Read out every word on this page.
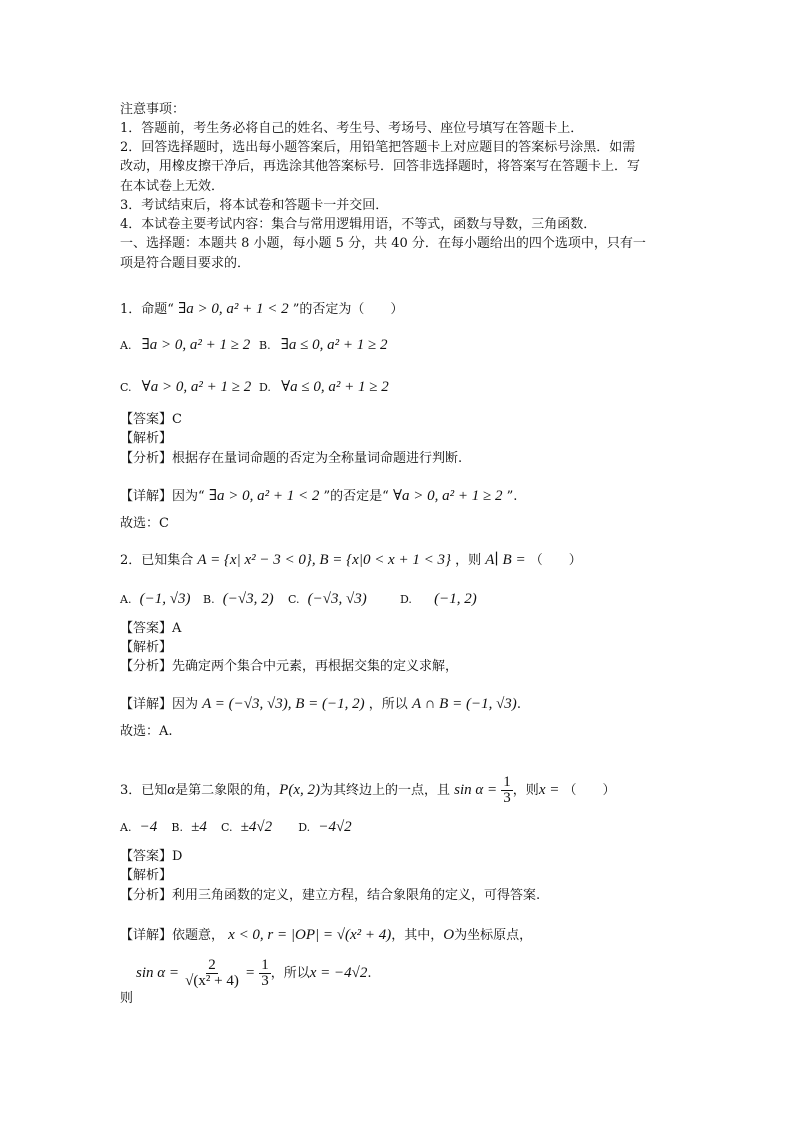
注意事项：
1．答题前，考生务必将自己的姓名、考生号、考场号、座位号填写在答题卡上．
2．回答选择题时，选出每小题答案后，用铅笔把答题卡上对应题目的答案标号涂黑．如需
改动，用橡皮擦干净后，再选涂其他答案标号．回答非选择题时，将答案写在答题卡上．写
在本试卷上无效．
3．考试结束后，将本试卷和答题卡一并交回．
4．本试卷主要考试内容：集合与常用逻辑用语，不等式，函数与导数，三角函数．
一、选择题：本题共 8 小题，每小题 5 分，共 40 分．在每小题给出的四个选项中，只有一
项是符合题目要求的．
1．命题“ ∃a > 0, a² + 1 < 2 ”的否定为（　　）
A. ∃a > 0, a² + 1 ≥ 2 B. ∃a ≤ 0, a² + 1 ≥ 2
C. ∀a > 0, a² + 1 ≥ 2 D. ∀a ≤ 0, a² + 1 ≥ 2
【答案】C
【解析】
【分析】根据存在量词命题的否定为全称量词命题进行判断.
【详解】因为“ ∃a > 0, a² + 1 < 2 ”的否定是“ ∀a > 0, a² + 1 ≥ 2 ”.
故选：C
2．已知集合 A = {x| x² − 3 < 0}, B = {x|0 < x + 1 < 3} ，则 A∣ B = （　　）
A. (−1, √3) B. (−√3, 2) C. (−√3, √3)	D. (−1, 2)
【答案】A
【解析】
【分析】先确定两个集合中元素，再根据交集的定义求解，
【详解】因为 A = (−√3, √3), B = (−1, 2) ，所以 A ∩ B = (−1, √3).
故选：A.
3．已知α是第二象限的角，P(x, 2)为其终边上的一点，且 $\sin \alpha = \frac{1}{3}$ ，则x = （　　）
A. −4 B. ±4 C. ±4√2 D. −4√2
【答案】D
【解析】
【分析】利用三角函数的定义，建立方程，结合象限角的定义，可得答案.
【详解】依题意， x < 0, r = |OP| = √(x² + 4)，其中，O为坐标原点，
$\sin \alpha = \frac{2}{\text{√(x² + 4)}} = \frac{1}{3}$ ，所以x = −4√2.
则
